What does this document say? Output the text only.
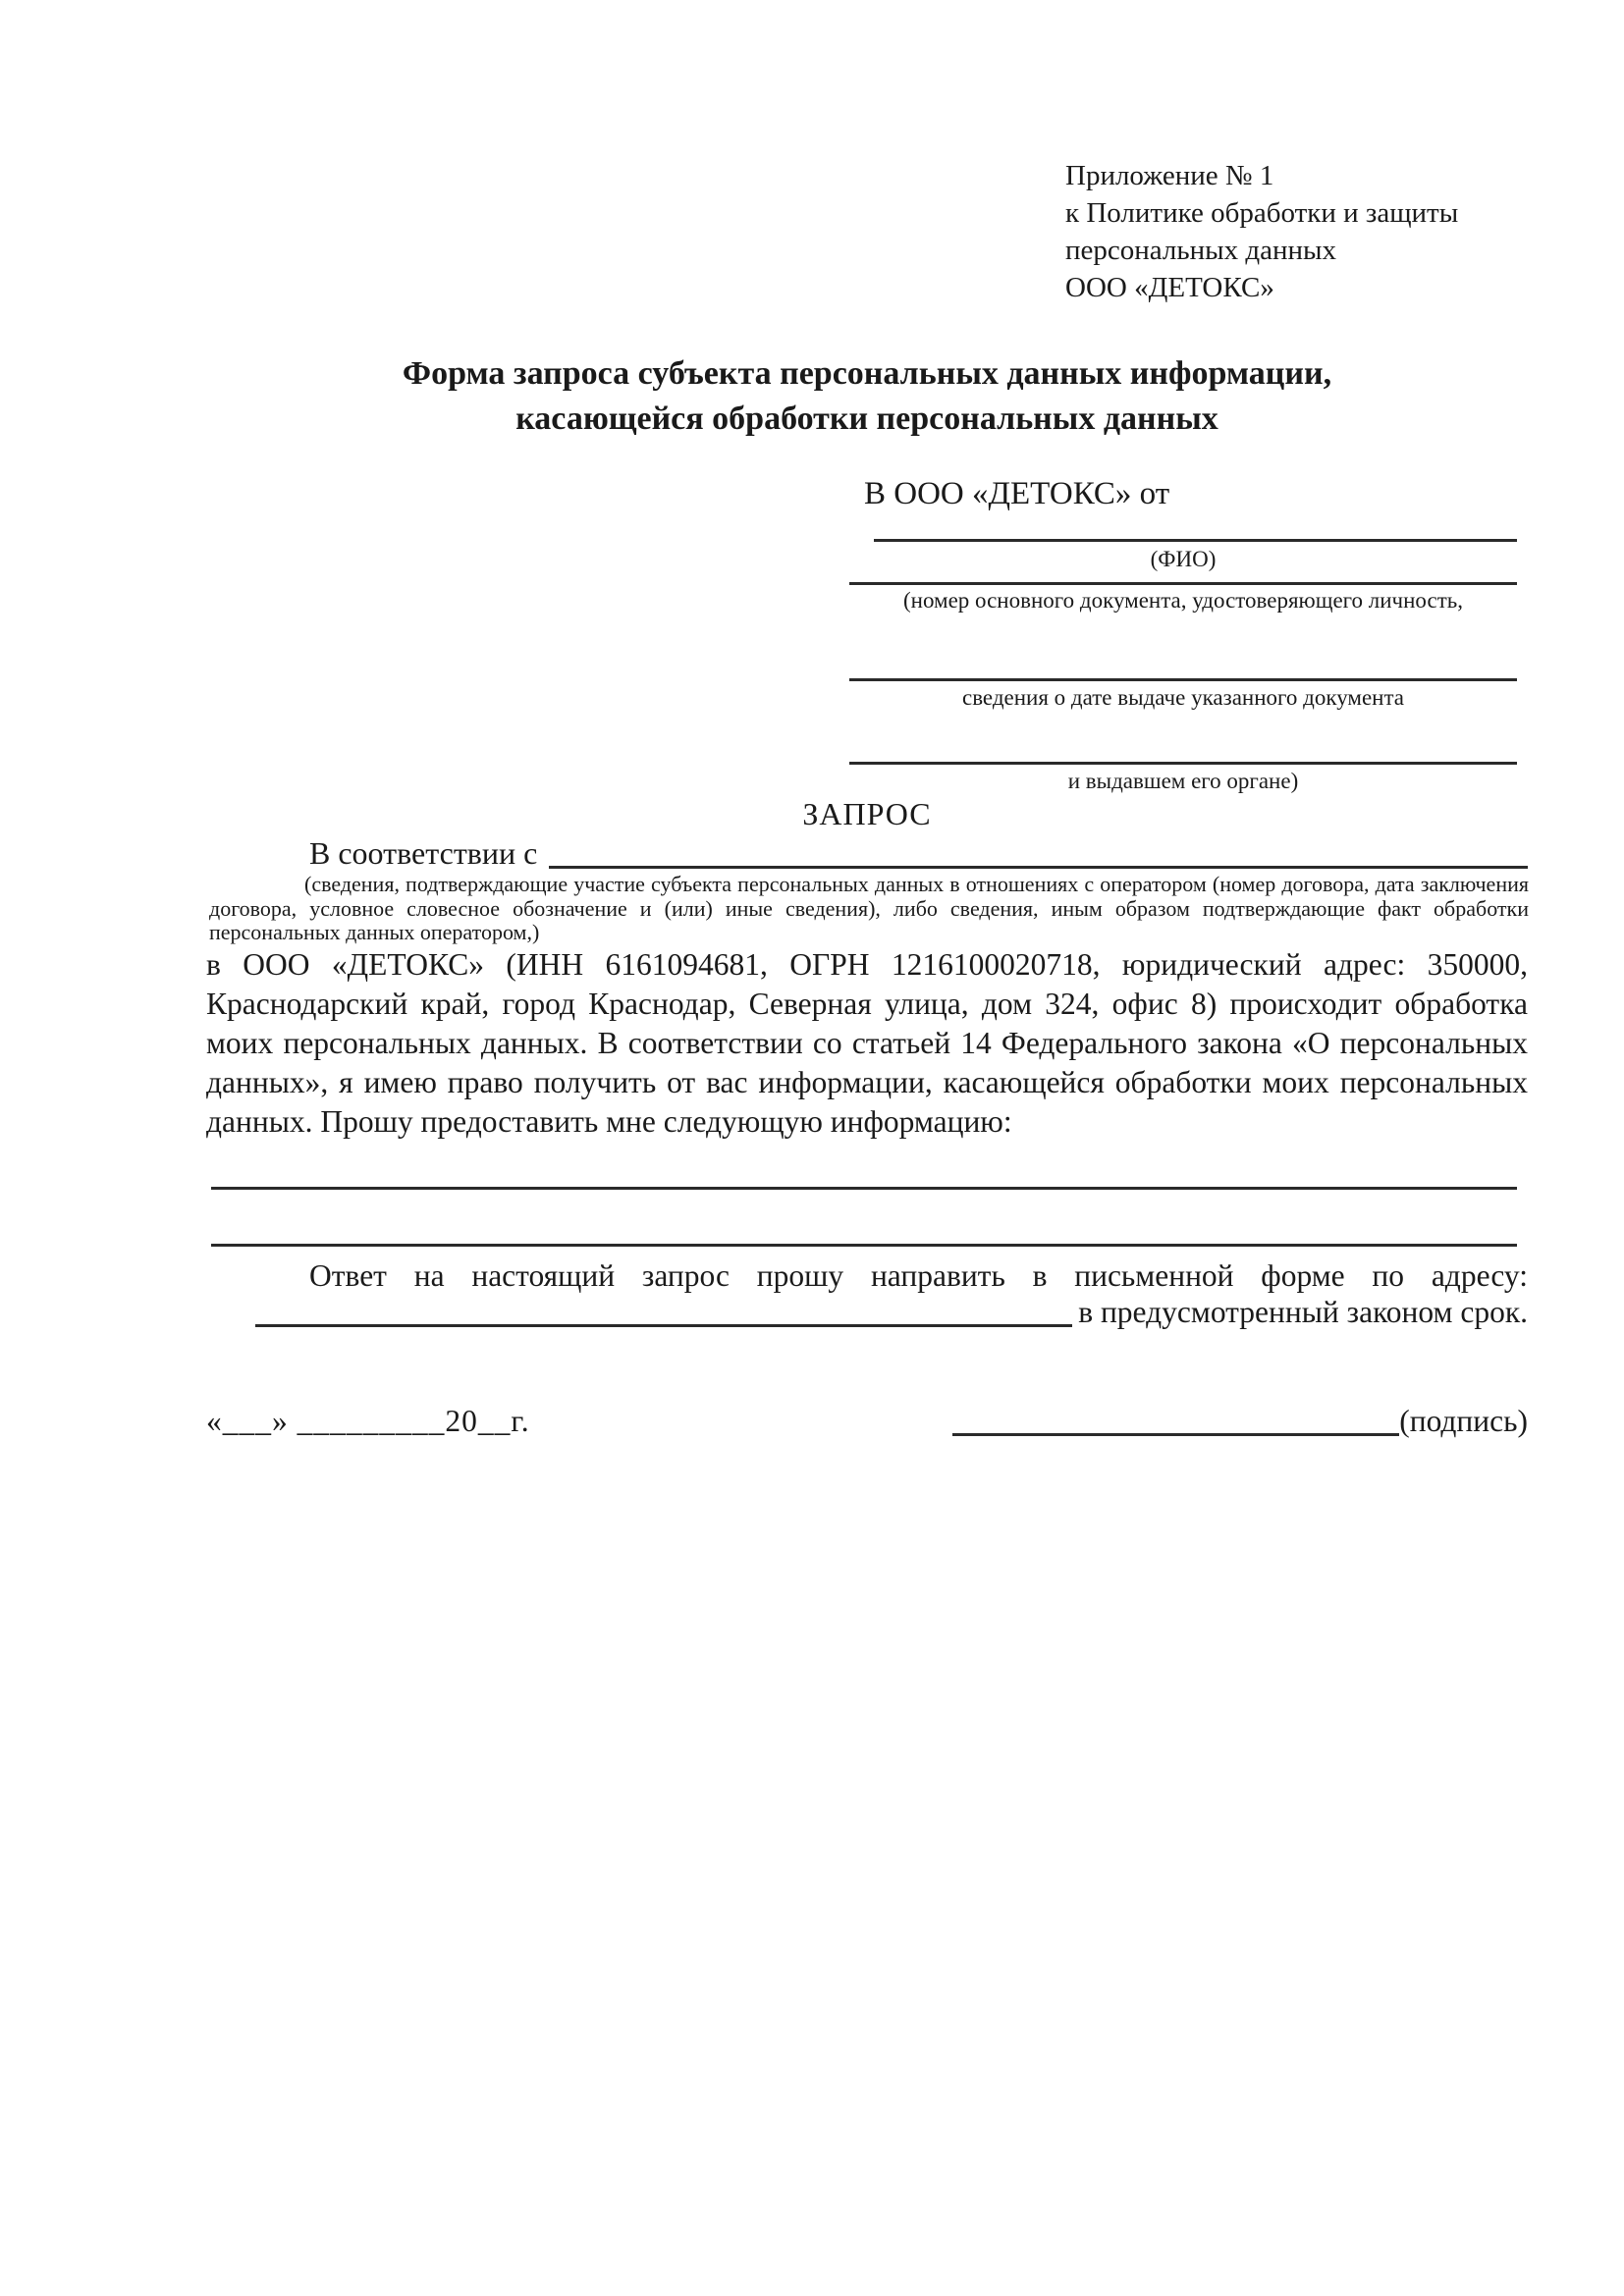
Приложение № 1
к Политике обработки и защиты
персональных данных
ООО «ДЕТОКС»
Форма запроса субъекта персональных данных информации,
касающейся обработки персональных данных
В ООО «ДЕТОКС» от
(ФИО)
(номер основного документа, удостоверяющего личность,
сведения о дате выдаче указанного документа
и выдавшем его органе)
ЗАПРОС
В соответствии с
(сведения, подтверждающие участие субъекта персональных данных в отношениях с оператором (номер договора, дата заключения договора, условное словесное обозначение и (или) иные сведения), либо сведения, иным образом подтверждающие факт обработки персональных данных оператором,)
в ООО «ДЕТОКС» (ИНН 6161094681, ОГРН 1216100020718, юридический адрес: 350000, Краснодарский край, город Краснодар, Северная улица, дом 324, офис 8) происходит обработка моих персональных данных. В соответствии со статьей 14 Федерального закона «О персональных данных», я имею право получить от вас информации, касающейся обработки моих персональных данных. Прошу предоставить мне следующую информацию:
Ответ на настоящий запрос прошу направить в письменной форме по адресу:
в предусмотренный законом срок.
«___» _________20__г.	(подпись)
